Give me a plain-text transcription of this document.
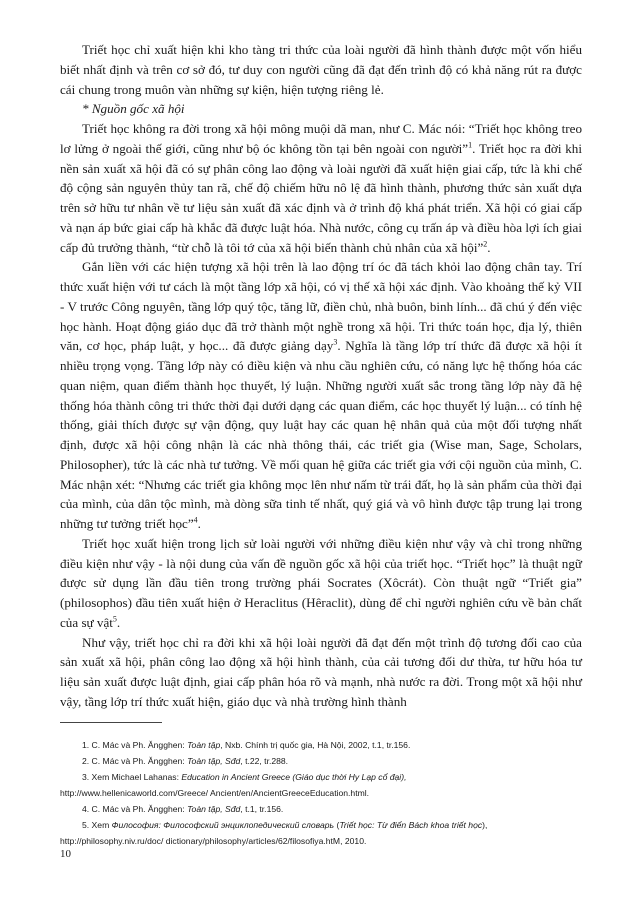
Triết học chỉ xuất hiện khi kho tàng tri thức của loài người đã hình thành được một vốn hiểu biết nhất định và trên cơ sở đó, tư duy con người cũng đã đạt đến trình độ có khả năng rút ra được cái chung trong muôn vàn những sự kiện, hiện tượng riêng lẻ.

* Nguồn gốc xã hội

Triết học không ra đời trong xã hội mông muội dã man, như C. Mác nói: “Triết học không treo lơ lửng ở ngoài thế giới, cũng như bộ óc không tồn tại bên ngoài con người”$^1$. Triết học ra đời khi nền sản xuất xã hội đã có sự phân công lao động và loài người đã xuất hiện giai cấp, tức là khi chế độ cộng sản nguyên thủy tan rã, chế độ chiếm hữu nô lệ đã hình thành, phương thức sản xuất dựa trên sở hữu tư nhân về tư liệu sản xuất đã xác định và ở trình độ khá phát triển. Xã hội có giai cấp và nạn áp bức giai cấp hà khắc đã được luật hóa. Nhà nước, công cụ trấn áp và điều hòa lợi ích giai cấp đủ trưởng thành, “từ chỗ là tôi tớ của xã hội biến thành chủ nhân của xã hội”$^2$.

Gắn liền với các hiện tượng xã hội trên là lao động trí óc đã tách khỏi lao động chân tay. Trí thức xuất hiện với tư cách là một tầng lớp xã hội, có vị thế xã hội xác định. Vào khoảng thế kỷ VII - V trước Công nguyên, tầng lớp quý tộc, tăng lữ, điền chủ, nhà buôn, binh lính... đã chú ý đến việc học hành. Hoạt động giáo dục đã trở thành một nghề trong xã hội. Tri thức toán học, địa lý, thiên văn, cơ học, pháp luật, y học... đã được giảng dạy$^3$. Nghĩa là tầng lớp trí thức đã được xã hội ít nhiều trọng vọng. Tầng lớp này có điều kiện và nhu cầu nghiên cứu, có năng lực hệ thống hóa các quan niệm, quan điểm thành học thuyết, lý luận. Những người xuất sắc trong tầng lớp này đã hệ thống hóa thành công tri thức thời đại dưới dạng các quan điểm, các học thuyết lý luận... có tính hệ thống, giải thích được sự vận động, quy luật hay các quan hệ nhân quả của một đối tượng nhất định, được xã hội công nhận là các nhà thông thái, các triết gia (Wise man, Sage, Scholars, Philosopher), tức là các nhà tư tưởng. Về mối quan hệ giữa các triết gia với cội nguồn của mình, C. Mác nhận xét: “Nhưng các triết gia không mọc lên như nấm từ trái đất, họ là sản phẩm của thời đại của mình, của dân tộc mình, mà dòng sữa tinh tế nhất, quý giá và vô hình được tập trung lại trong những tư tưởng triết học”$^4$.

Triết học xuất hiện trong lịch sử loài người với những điều kiện như vậy và chỉ trong những điều kiện như vậy - là nội dung của vấn đề nguồn gốc xã hội của triết học. “Triết học” là thuật ngữ được sử dụng lần đầu tiên trong trường phái Socrates (Xôcrát). Còn thuật ngữ “Triết gia” (philosophos) đầu tiên xuất hiện ở Heraclitus (Hêraclit), dùng để chỉ người nghiên cứu về bản chất của sự vật$^5$.

Như vậy, triết học chỉ ra đời khi xã hội loài người đã đạt đến một trình độ tương đối cao của sản xuất xã hội, phân công lao động xã hội hình thành, của cải tương đối dư thừa, tư hữu hóa tư liệu sản xuất được luật định, giai cấp phân hóa rõ và mạnh, nhà nước ra đời. Trong một xã hội như vậy, tầng lớp trí thức xuất hiện, giáo dục và nhà trường hình thành

1. C. Mác và Ph. Ăngghen: Toàn tập, Nxb. Chính trị quốc gia, Hà Nội, 2002, t.1, tr.156.

2. C. Mác và Ph. Ăngghen: Toàn tập, Sđd, t.22, tr.288.

3. Xem Michael Lahanas: Education in Ancient Greece (Giáo dục thời Hy Lạp cổ đại),

http://www.hellenicaworld.com/Greece/ Ancient/en/AncientGreeceEducation.html.

4. C. Mác và Ph. Ăngghen: Toàn tập, Sđd, t.1, tr.156.

5. Xem Философия: Философский энциклопедический словарь (Triết học: Từ điển Bách khoa triết học),

http://philosophy.niv.ru/doc/ dictionary/philosophy/articles/62/filosofiya.htM, 2010.

10
